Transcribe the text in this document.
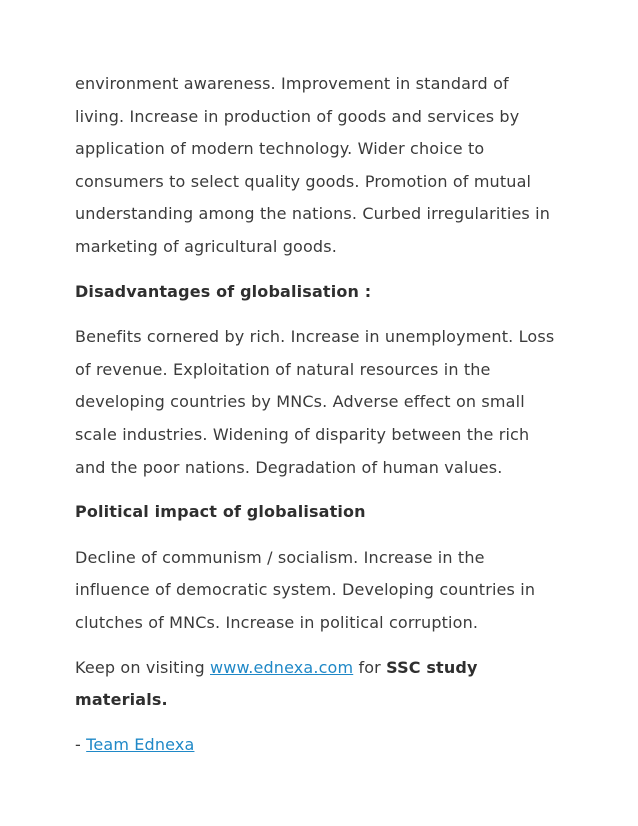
environment awareness. Improvement in standard of living. Increase in production of goods and services by application of modern technology. Wider choice to consumers to select quality goods. Promotion of mutual understanding among the nations. Curbed irregularities in marketing of agricultural goods.

Disadvantages of globalisation :

Benefits cornered by rich. Increase in unemployment. Loss of revenue. Exploitation of natural resources in the developing countries by MNCs. Adverse effect on small scale industries. Widening of disparity between the rich and the poor nations. Degradation of human values.

Political impact of globalisation

Decline of communism / socialism. Increase in the influence of democratic system. Developing countries in clutches of MNCs. Increase in political corruption.

Keep on visiting www.ednexa.com for SSC study materials.

- Team Ednexa
